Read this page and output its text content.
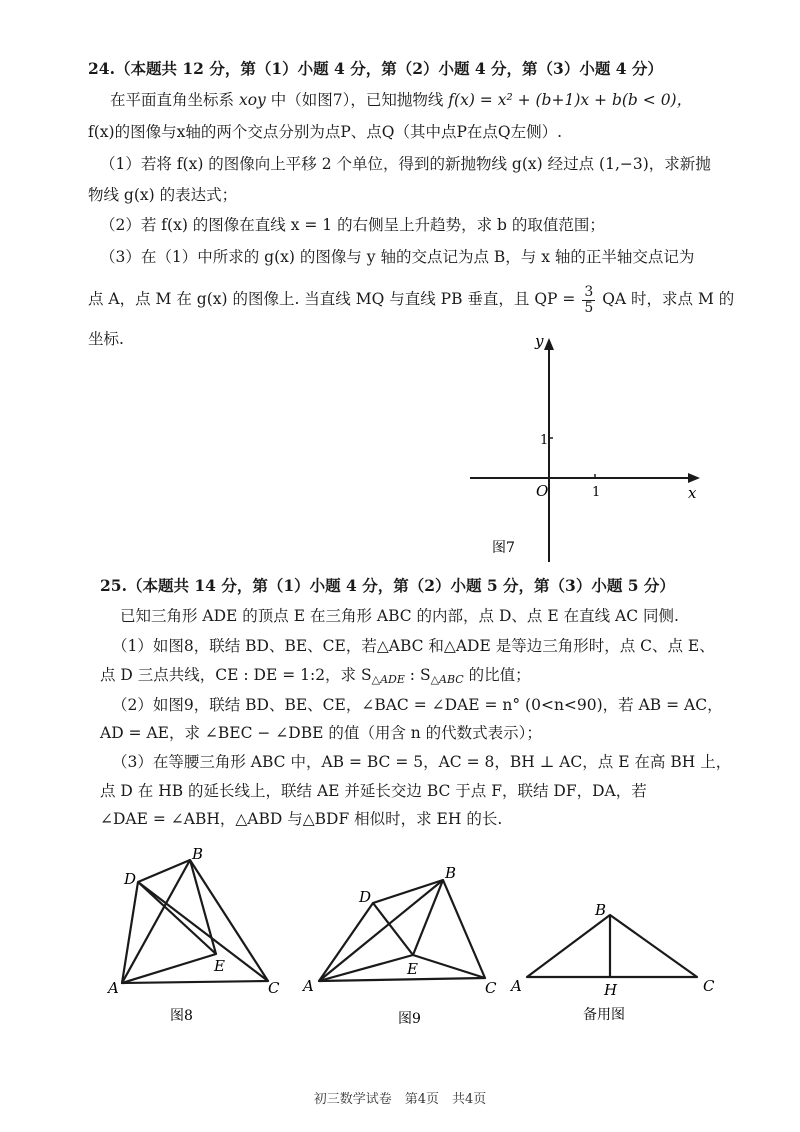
24.（本题共 12 分，第（1）小题 4 分，第（2）小题 4 分，第（3）小题 4 分）
在平面直角坐标系 xoy 中（如图7），已知抛物线 f(x) = x² + (b+1)x + b(b < 0)，
f(x)的图像与x轴的两个交点分别为点P、点Q（其中点P在点Q左侧）.
（1）若将 f(x) 的图像向上平移 2 个单位，得到的新抛物线 g(x) 经过点 (1,−3)，求新抛
物线 g(x) 的表达式；
（2）若 f(x) 的图像在直线 x = 1 的右侧呈上升趋势，求 b 的取值范围；
（3）在（1）中所求的 g(x) 的图像与 y 轴的交点记为点 B，与 x 轴的正半轴交点记为
点 A，点 M 在 g(x) 的图像上. 当直线 MQ 与直线 PB 垂直，且 QP = $\frac{3}{5}$ QA 时，求点 M 的
坐标.	y
x
O	1
1
图7
25.（本题共 14 分，第（1）小题 4 分，第（2）小题 5 分，第（3）小题 5 分）
已知三角形 ADE 的顶点 E 在三角形 ABC 的内部，点 D、点 E 在直线 AC 同侧.
（1）如图8，联结 BD、BE、CE，若△ABC 和△ADE 是等边三角形时，点 C、点 E、
点 D 三点共线，CE : DE = 1:2，求 $S_{\triangle ADE}$ : $S_{\triangle ABC}$ 的比值；
（2）如图9，联结 BD、BE、CE，∠BAC = ∠DAE = n° (0<n<90)，若 AB = AC，
AD = AE，求 ∠BEC − ∠DBE 的值（用含 n 的代数式表示）；
（3）在等腰三角形 ABC 中，AB = BC = 5，AC = 8，BH ⊥ AC，点 E 在高 BH 上，
点 D 在 HB 的延长线上，联结 AE 并延长交边 BC 于点 F，联结 DF，DA，若
∠DAE = ∠ABH，△ABD 与△BDF 相似时，求 EH 的长.
A
B
C
D
E
图8
A
B
C
D
E
图9
A
B
C
H
备用图
初三数学试卷　第4页　共4页
